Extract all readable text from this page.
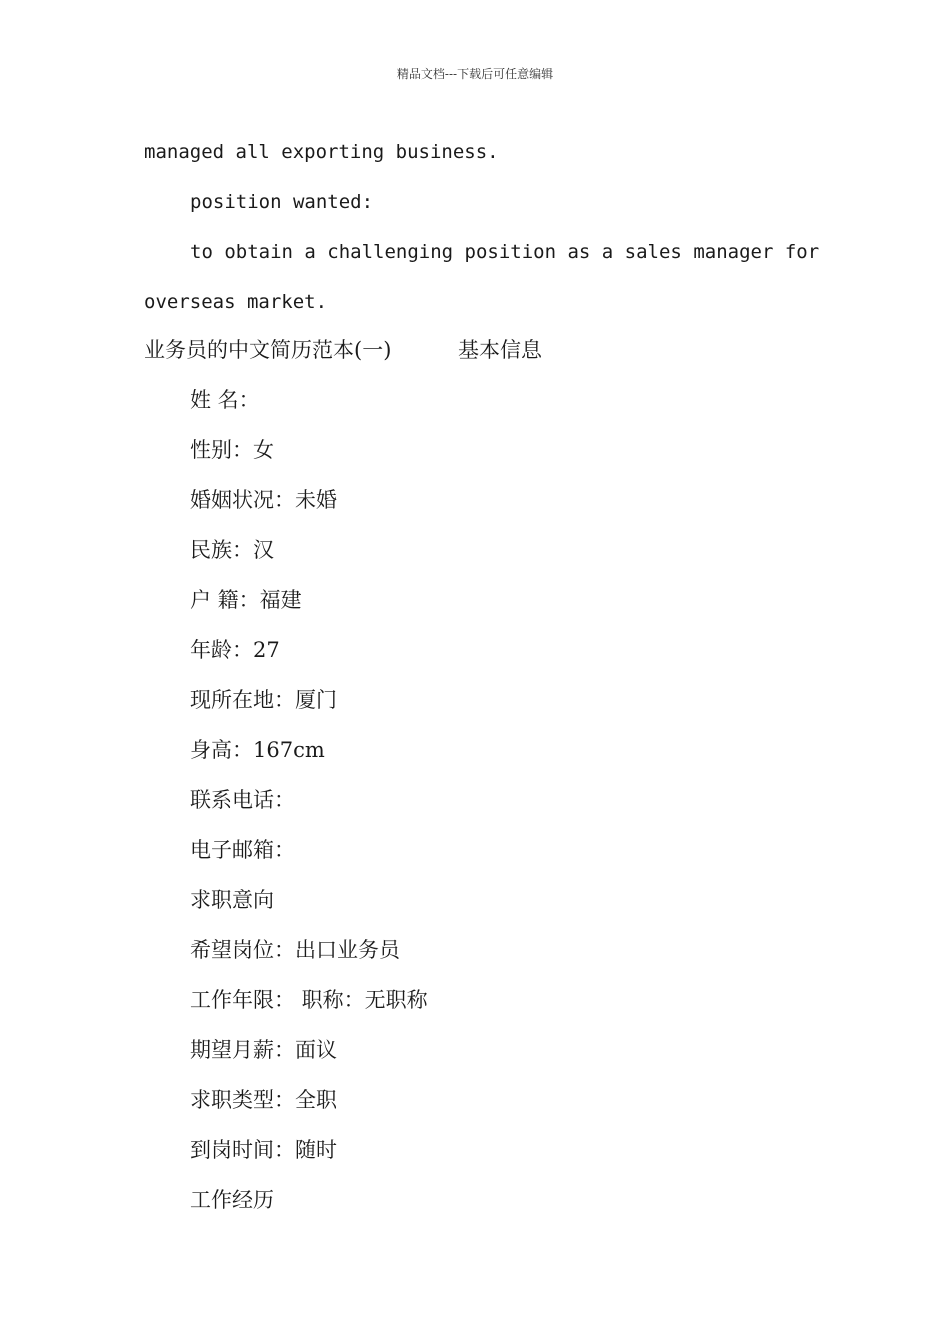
精品文档---下载后可任意编辑
managed all exporting business.
position wanted:
to obtain a challenging position as a sales manager for
overseas market.
业务员的中文简历范本(一)	基本信息
姓 名：
性别：女
婚姻状况：未婚
民族：汉
户 籍：福建
年龄：27
现所在地：厦门
身高：167cm
联系电话：
电子邮箱：
求职意向
希望岗位：出口业务员
工作年限： 职称：无职称
期望月薪：面议
求职类型：全职
到岗时间：随时
工作经历
